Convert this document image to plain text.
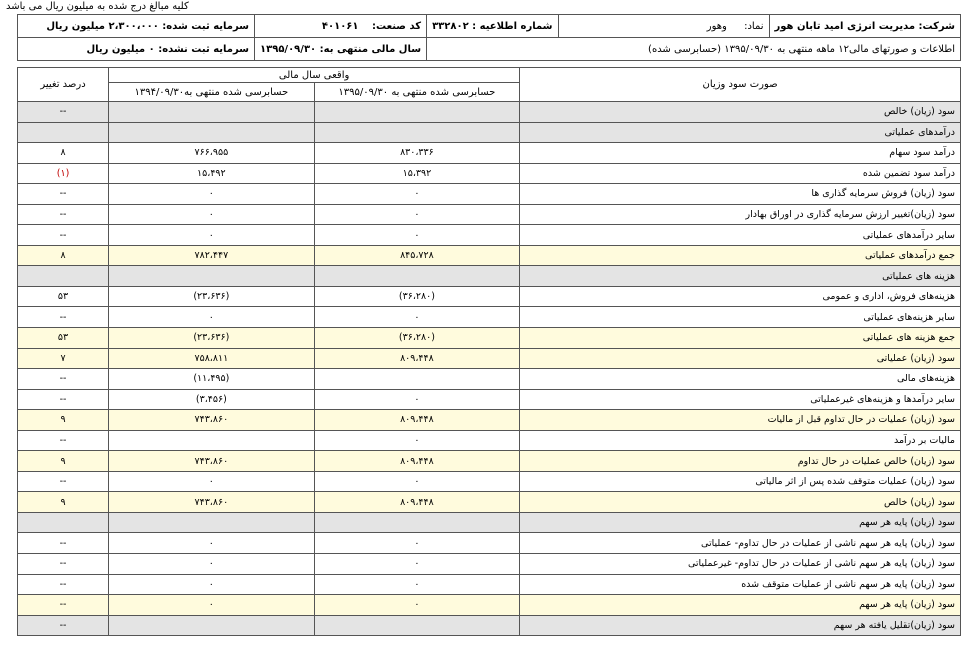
کلیه مبالغ درج شده به میلیون ریال می باشد
شرکت: مدیریت انرژی امید تابان هور	نماد: وهور	شماره اطلاعیه : ۳۳۲۸۰۲	کد صنعت: ۴۰۱۰۶۱	سرمایه ثبت شده: ۲،۳۰۰،۰۰۰ میلیون ریال
اطلاعات و صورتهای مالی۱۲ ماهه منتهی به ۱۳۹۵/۰۹/۳۰ (حسابرسی شده)			سال مالی منتهی به: ۱۳۹۵/۰۹/۳۰	سرمایه ثبت نشده: ۰ میلیون ریال
صورت سود وزیان	واقعی سال مالی		درصد تغییر
	حسابرسی شده منتهی به ۱۳۹۵/۰۹/۳۰	حسابرسی شده منتهی به۱۳۹۴/۰۹/۳۰	
سود (زیان) خالص			--
درآمدهای عملیاتی			
درآمد سود سهام	۸۳۰،۳۳۶	۷۶۶،۹۵۵	۸
درآمد سود تضمین شده	۱۵،۳۹۲	۱۵،۴۹۲	(۱)
سود (زیان) فروش سرمایه گذاری ها	۰	۰	--
سود (زیان)تغییر ارزش سرمایه گذاری در اوراق بهادار	۰	۰	--
سایر درآمدهای عملیاتی	۰	۰	--
جمع درآمدهای عملیاتی	۸۴۵،۷۲۸	۷۸۲،۴۴۷	۸
هزینه های عملیاتی			
هزینه‌های فروش، اداری و عمومی	(۳۶،۲۸۰)	(۲۳،۶۳۶)	۵۳
سایر هزینه‌های عملیاتی	۰	۰	--
جمع هزینه های عملیاتی	(۳۶،۲۸۰)	(۲۳،۶۳۶)	۵۳
سود (زیان) عملیاتی	۸۰۹،۴۴۸	۷۵۸،۸۱۱	۷
هزینه‌های مالی		(۱۱،۴۹۵)	--
سایر درآمدها و هزینه‌های غیرعملیاتی	۰	(۳،۴۵۶)	--
سود (زیان) عملیات در حال تداوم قبل از مالیات	۸۰۹،۴۴۸	۷۴۳،۸۶۰	۹
مالیات بر درآمد	۰		--
سود (زیان) خالص عملیات در حال تداوم	۸۰۹،۴۴۸	۷۴۳،۸۶۰	۹
سود (زیان) عملیات متوقف شده پس از اثر مالیاتی	۰	۰	--
سود (زیان) خالص	۸۰۹،۴۴۸	۷۴۳،۸۶۰	۹
سود (زیان) پایه هر سهم			
سود (زیان) پایه هر سهم ناشی از عملیات در حال تداوم- عملیاتی	۰	۰	--
سود (زیان) پایه هر سهم ناشی از عملیات در حال تداوم- غیرعملیاتی	۰	۰	--
سود (زیان) پایه هر سهم ناشی از عملیات متوقف شده	۰	۰	--
سود (زیان) پایه هر سهم	۰	۰	--
سود (زیان)تقلیل یافته هر سهم			--
